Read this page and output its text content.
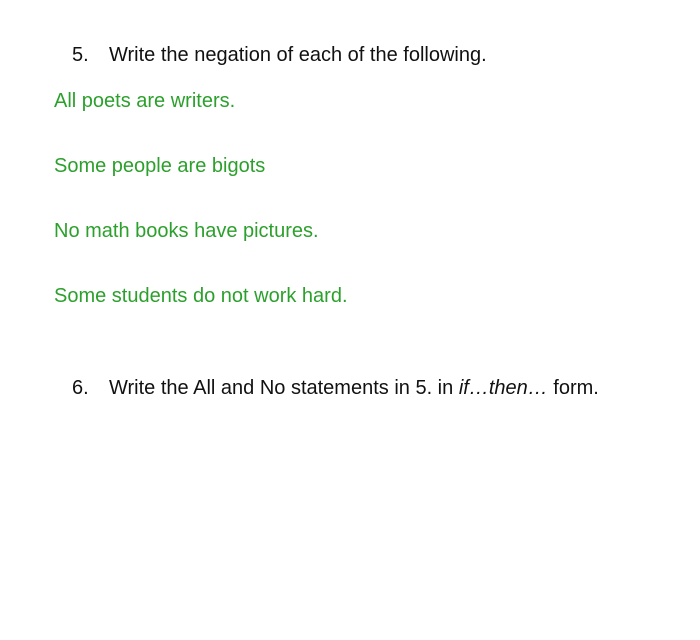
5. Write the negation of each of the following.
All poets are writers.
Some people are bigots
No math books have pictures.
Some students do not work hard.
6. Write the All and No statements in 5. in if…then… form.
